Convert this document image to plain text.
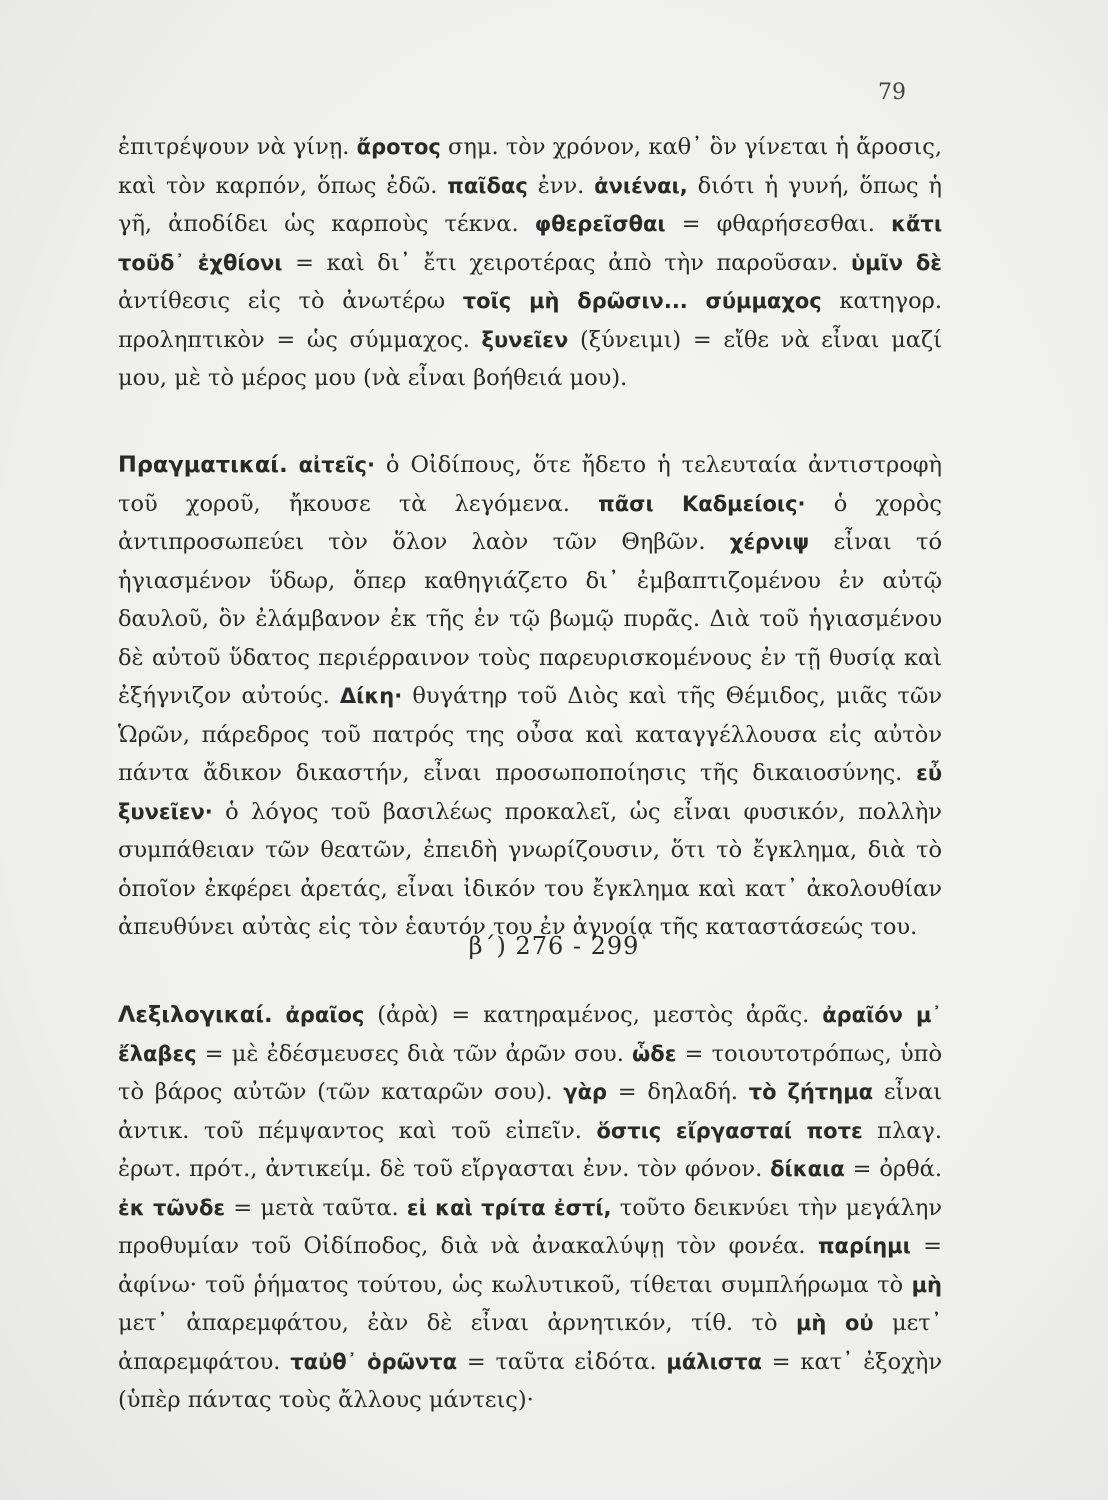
79

ἐπιτρέψουν νὰ γίνῃ. ἄροτος σημ. τὸν χρόνον, καθ᾽ ὃν γίνεται ἡ ἄροσις, καὶ τὸν καρπόν, ὅπως ἐδῶ. παῖδας ἐνν. ἀνιέναι, διότι ἡ γυνή, ὅπως ἡ γῆ, ἀποδίδει ὡς καρποὺς τέκνα. φθερεῖσθαι = φθαρήσεσθαι. κἄτι τοῦδ᾽ ἐχθίονι = καὶ δι᾽ ἔτι χειροτέρας ἀπὸ τὴν παροῦσαν. ὑμῖν δὲ ἀντίθεσις εἰς τὸ ἀνωτέρω τοῖς μὴ δρῶσιν... σύμμαχος κατηγορ. προληπτικὸν = ὡς σύμμαχος. ξυνεῖεν (ξύνειμι) = εἴθε νὰ εἶναι μαζί μου, μὲ τὸ μέρος μου (νὰ εἶναι βοήθειά μου).

Πραγματικαί. αἰτεῖς· ὁ Οἰδίπους, ὅτε ἤδετο ἡ τελευταία ἀντιστροφὴ τοῦ χοροῦ, ἤκουσε τὰ λεγόμενα. πᾶσι Καδμείοις· ὁ χορὸς ἀντιπροσωπεύει τὸν ὅλον λαὸν τῶν Θηβῶν. χέρνιψ εἶναι τό ἡγιασμένον ὕδωρ, ὅπερ καθηγιάζετο δι᾽ ἐμβαπτιζομένου ἐν αὐτῷ δαυλοῦ, ὃν ἐλάμβανον ἐκ τῆς ἐν τῷ βωμῷ πυρᾶς. Διὰ τοῦ ἡγιασμένου δὲ αὐτοῦ ὕδατος περιέρραινον τοὺς παρευρισκομένους ἐν τῇ θυσίᾳ καὶ ἐξήγνιζον αὐτούς. Δίκη· θυγάτηρ τοῦ Διὸς καὶ τῆς Θέμιδος, μιᾶς τῶν Ὡρῶν, πάρεδρος τοῦ πατρός της οὖσα καὶ καταγγέλλουσα εἰς αὐτὸν πάντα ἄδικον δικαστήν, εἶναι προσωποποίησις τῆς δικαιοσύνης. εὖ ξυνεῖεν· ὁ λόγος τοῦ βασιλέως προκαλεῖ, ὡς εἶναι φυσικόν, πολλὴν συμπάθειαν τῶν θεατῶν, ἐπειδὴ γνωρίζουσιν, ὅτι τὸ ἔγκλημα, διὰ τὸ ὁποῖον ἐκφέρει ἀρετάς, εἶναι ἰδικόν του ἔγκλημα καὶ κατ᾽ ἀκολουθίαν ἀπευθύνει αὐτὰς εἰς τὸν ἑαυτόν του ἐν ἀγνοίᾳ τῆς καταστάσεώς του.

β΄) 276 - 299

Λεξιλογικαί. ἀραῖος (ἀρὰ) = κατηραμένος, μεστὸς ἀρᾶς. ἀραῖόν μ᾽ ἔλαβες = μὲ ἐδέσμευσες διὰ τῶν ἀρῶν σου. ὧδε = τοιουτοτρόπως, ὑπὸ τὸ βάρος αὐτῶν (τῶν καταρῶν σου). γὰρ = δηλαδή. τὸ ζήτημα εἶναι ἀντικ. τοῦ πέμψαντος καὶ τοῦ εἰπεῖν. ὅστις εἴργασταί ποτε πλαγ. ἐρωτ. πρότ., ἀντικείμ. δὲ τοῦ εἴργασται ἐνν. τὸν φόνον. δίκαια = ὀρθά. ἐκ τῶνδε = μετὰ ταῦτα. εἰ καὶ τρίτα ἐστί, τοῦτο δεικνύει τὴν μεγάλην προθυμίαν τοῦ Οἰδίποδος, διὰ νὰ ἀνακαλύψῃ τὸν φονέα. παρίημι = ἀφίνω· τοῦ ῥήματος τούτου, ὡς κωλυτικοῦ, τίθεται συμπλήρωμα τὸ μὴ μετ᾽ ἀπαρεμφάτου, ἐὰν δὲ εἶναι ἀρνητικόν, τίθ. τὸ μὴ οὐ μετ᾽ ἀπαρεμφάτου. ταὐθ᾽ ὁρῶντα = ταῦτα εἰδότα. μάλιστα = κατ᾽ ἐξοχὴν (ὑπὲρ πάντας τοὺς ἄλλους μάντεις)·
